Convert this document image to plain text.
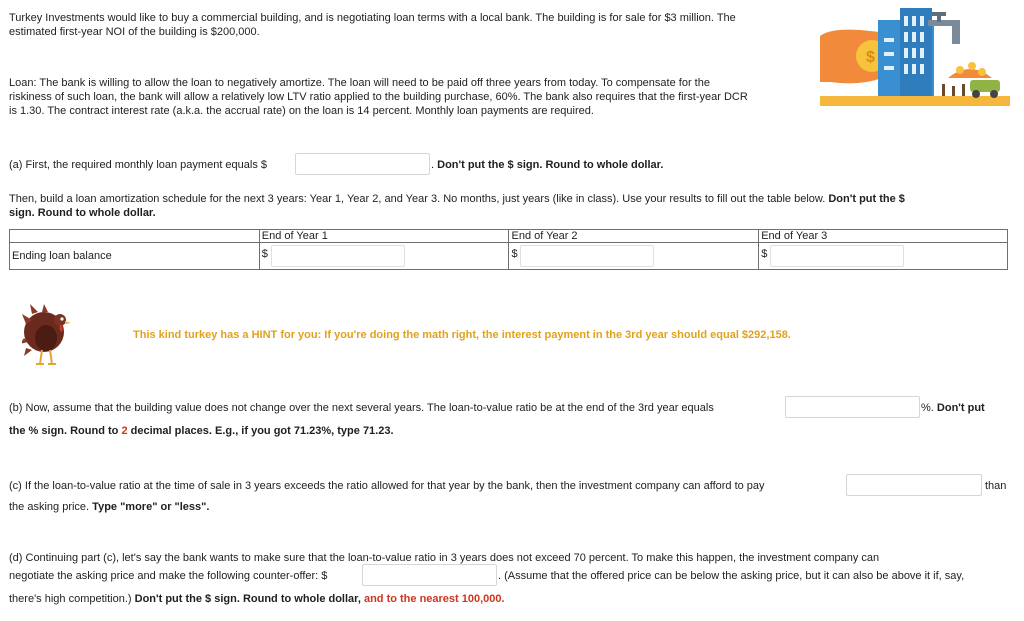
Turkey Investments would like to buy a commercial building, and is negotiating loan terms with a local bank. The building is for sale for $3 million. The

estimated first-year NOI of the building is $200,000.

$

Loan: The bank is willing to allow the loan to negatively amortize. The loan will need to be paid off three years from today. To compensate for the

riskiness of such loan, the bank will allow a relatively low LTV ratio applied to the building purchase, 60%. The bank also requires that the first-year DCR

is 1.30. The contract interest rate (a.k.a. the accrual rate) on the loan is 14 percent. Monthly loan payments are required.

(a) First, the required monthly loan payment equals $	. Don't put the $ sign. Round to whole dollar.

Then, build a loan amortization schedule for the next 3 years: Year 1, Year 2, and Year 3. No months, just years (like in class). Use your results to fill out the table below. Don't put the $

sign. Round to whole dollar.

	End of Year 1	End of Year 2	End of Year 3
Ending loan balance	$	$	$
This kind turkey has a HINT for you: If you're doing the math right, the interest payment in the 3rd year should equal $292,158.
(b) Now, assume that the building value does not change over the next several years. The loan-to-value ratio be at the end of the 3rd year equals	%. Don't put
the % sign. Round to 2 decimal places. E.g., if you got 71.23%, type 71.23.
(c) If the loan-to-value ratio at the time of sale in 3 years exceeds the ratio allowed for that year by the bank, then the investment company can afford to pay	than
the asking price. Type "more" or "less".
(d) Continuing part (c), let's say the bank wants to make sure that the loan-to-value ratio in 3 years does not exceed 70 percent. To make this happen, the investment company can
negotiate the asking price and make the following counter-offer: $	. (Assume that the offered price can be below the asking price, but it can also be above it if, say,
there's high competition.) Don't put the $ sign. Round to whole dollar, and to the nearest 100,000.
